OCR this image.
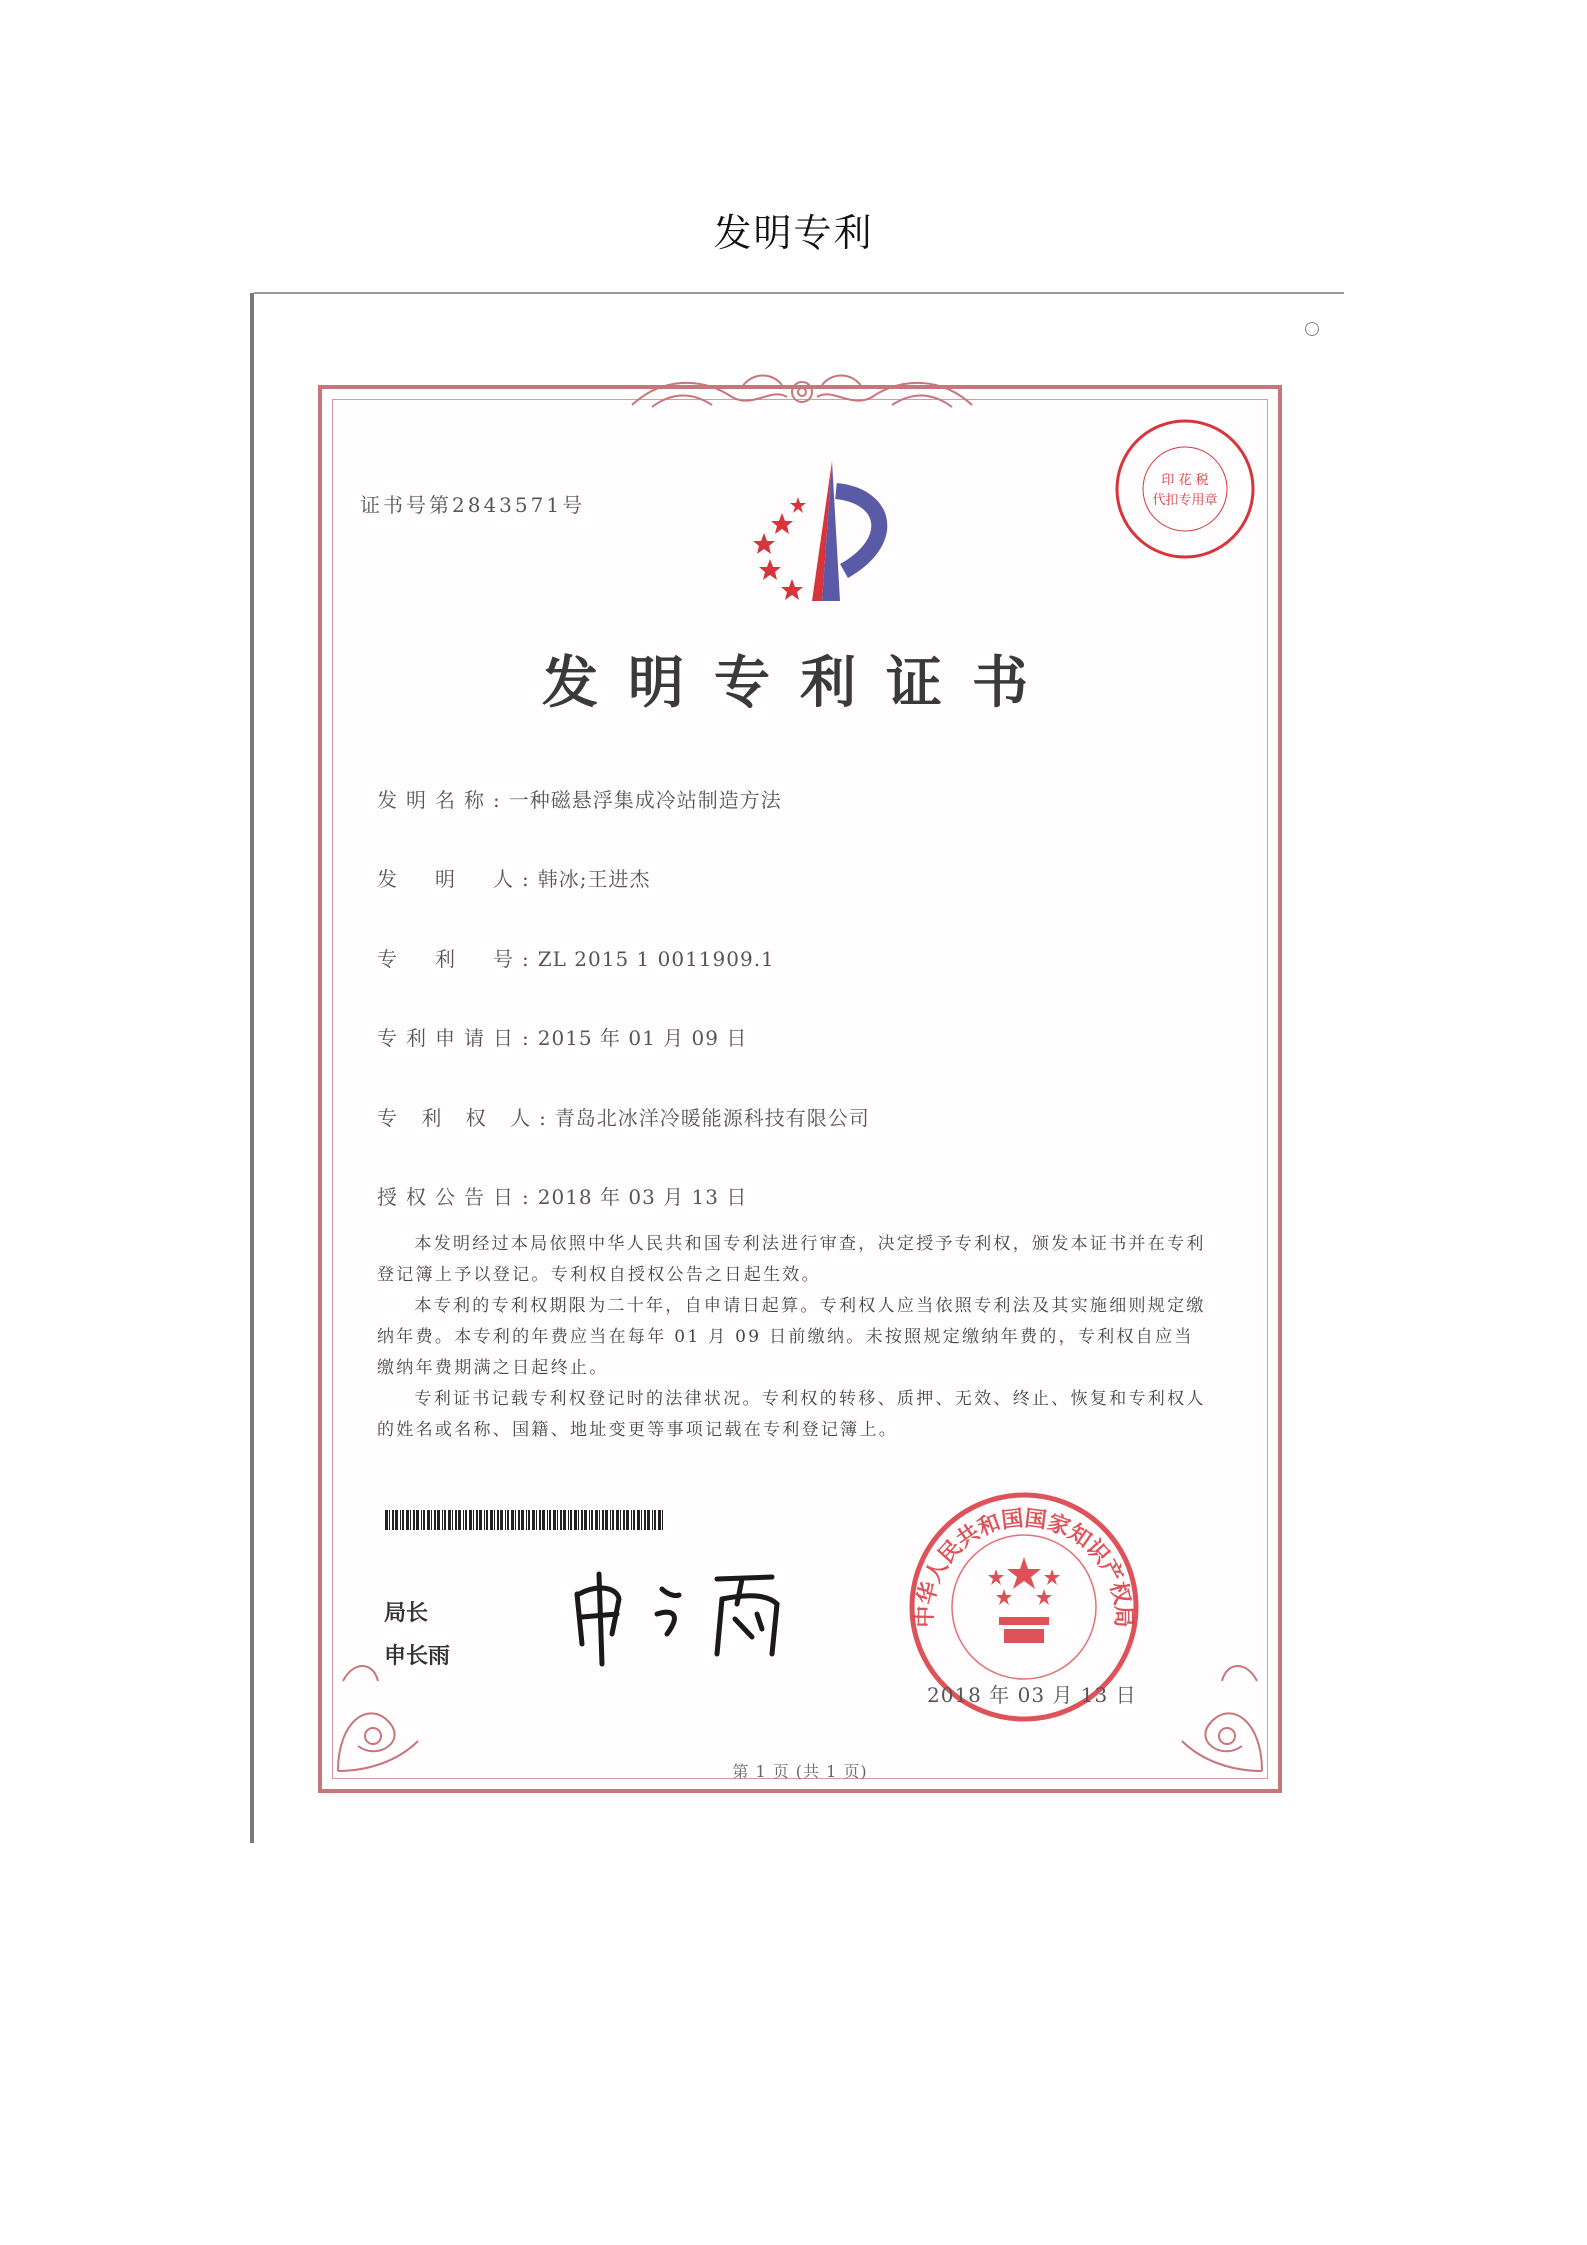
发明专利
证书号第2843571号
印 花 税
代扣专用章
发明专利证书
发明名称:一种磁悬浮集成冷站制造方法
发　明　人:韩冰;王进杰
专　利　号:ZL 2015 1 0011909.1
专利申请日:2015 年 01 月 09 日
专 利 权 人:青岛北冰洋冷暖能源科技有限公司
授权公告日:2018 年 03 月 13 日

本发明经过本局依照中华人民共和国专利法进行审查，决定授予专利权，颁发本证书并在专利登记簿上予以登记。专利权自授权公告之日起生效。

本专利的专利权期限为二十年，自申请日起算。专利权人应当依照专利法及其实施细则规定缴纳年费。本专利的年费应当在每年 01 月 09 日前缴纳。未按照规定缴纳年费的，专利权自应当缴纳年费期满之日起终止。

专利证书记载专利权登记时的法律状况。专利权的转移、质押、无效、终止、恢复和专利权人的姓名或名称、国籍、地址变更等事项记载在专利登记簿上。

局长
申长雨
中华人民共和国国家知识产权局
2018 年 03 月 13 日
第 1 页 (共 1 页)
